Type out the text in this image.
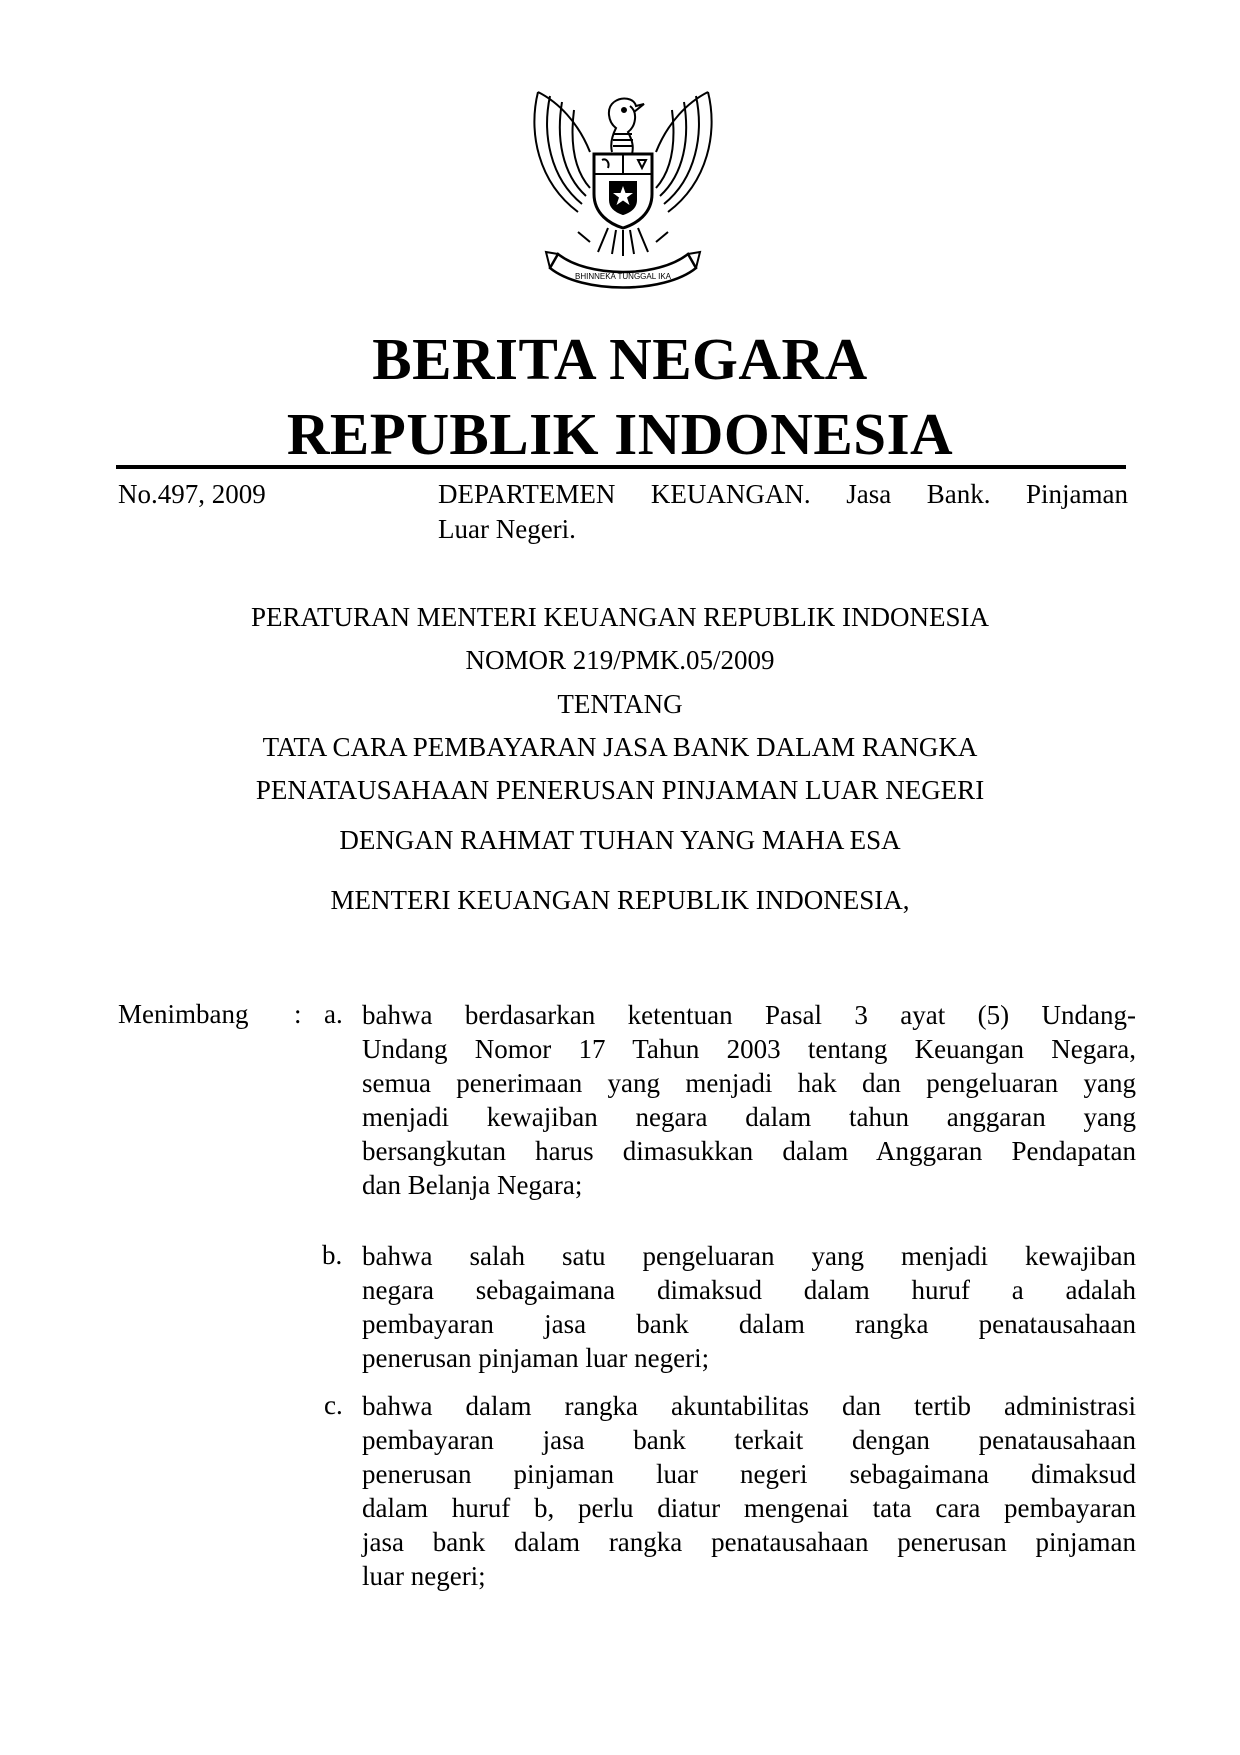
BHINNEKA TUNGGAL IKA
BERITA NEGARA
REPUBLIK INDONESIA
No.497, 2009	DEPARTEMEN KEUANGAN. Jasa Bank. Pinjaman
Luar Negeri.
PERATURAN MENTERI KEUANGAN REPUBLIK INDONESIA
NOMOR 219/PMK.05/2009
TENTANG
TATA CARA PEMBAYARAN JASA BANK DALAM RANGKA
PENATAUSAHAAN PENERUSAN PINJAMAN LUAR NEGERI
DENGAN RAHMAT TUHAN YANG MAHA ESA
MENTERI KEUANGAN REPUBLIK INDONESIA,
Menimbang : a. bahwa berdasarkan ketentuan Pasal 3 ayat (5) Undang-
Undang Nomor 17 Tahun 2003 tentang Keuangan Negara,
semua penerimaan yang menjadi hak dan pengeluaran yang
menjadi kewajiban negara dalam tahun anggaran yang
bersangkutan harus dimasukkan dalam Anggaran Pendapatan
dan Belanja Negara;
b. bahwa salah satu pengeluaran yang menjadi kewajiban
negara sebagaimana dimaksud dalam huruf a adalah
pembayaran jasa bank dalam rangka penatausahaan
penerusan pinjaman luar negeri;
c. bahwa dalam rangka akuntabilitas dan tertib administrasi
pembayaran jasa bank terkait dengan penatausahaan
penerusan pinjaman luar negeri sebagaimana dimaksud
dalam huruf b, perlu diatur mengenai tata cara pembayaran
jasa bank dalam rangka penatausahaan penerusan pinjaman
luar negeri;
